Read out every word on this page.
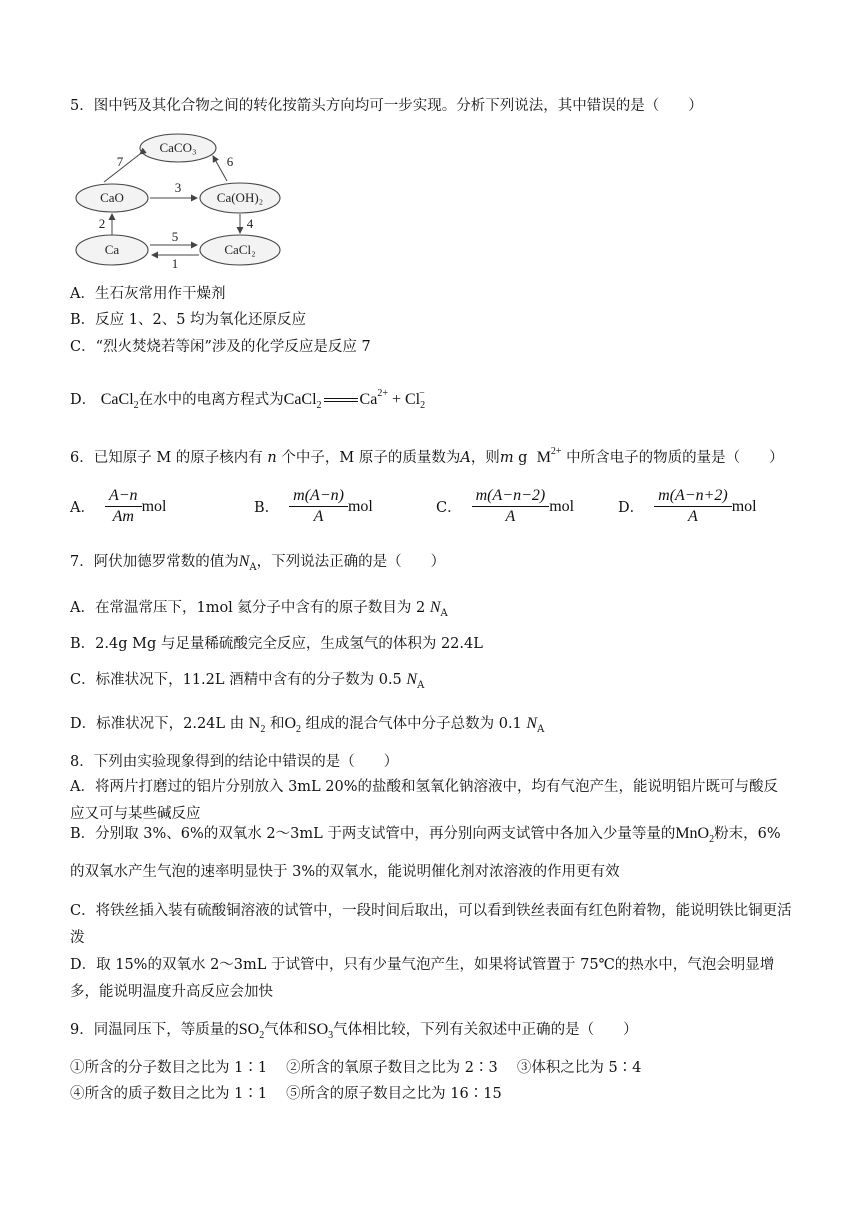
5．图中钙及其化合物之间的转化按箭头方向均可一步实现。分析下列说法，其中错误的是（　　）
CaCO₃
CaO	Ca(OH)₂
Ca	CaCl₂
7	6
3
2	4
5
1
A．生石灰常用作干燥剂
B．反应 1、2、5 均为氧化还原反应
C．“烈火焚烧若等闲”涉及的化学反应是反应 7
D． CaCl$_2$在水中的电离方程式为CaCl$_2$ $Ca^{2+} + Cl_2^-$
6．已知原子 M 的原子核内有 n 个中子，M 原子的质量数为A，则m g $M^{2+}$ 中所含电子的物质的量是（　　）
A． $\frac{A-n}{Am}$ mol	B． $\frac{m(A-n)}{A}$ mol	C． $\frac{m(A-n-2)}{A}$ mol	D． $\frac{m(A-n+2)}{A}$ mol
7．阿伏加德罗常数的值为$N_A$，下列说法正确的是（　　）
A．在常温常压下，1mol 氦分子中含有的原子数目为 2 $N_A$
B．2.4g Mg 与足量稀硫酸完全反应，生成氢气的体积为 22.4L
C．标准状况下，11.2L 酒精中含有的分子数为 0.5 $N_A$
D．标准状况下，2.24L 由 $N_2$ 和$O_2$ 组成的混合气体中分子总数为 0.1 $N_A$
8．下列由实验现象得到的结论中错误的是（　　）
A．将两片打磨过的铝片分别放入 3mL 20%的盐酸和氢氧化钠溶液中，均有气泡产生，能说明铝片既可与酸反应又可与某些碱反应
B．分别取 3%、6%的双氧水 2～3mL 于两支试管中，再分别向两支试管中各加入少量等量的MnO$_2$粉末，6%的双氧水产生气泡的速率明显快于 3%的双氧水，能说明催化剂对浓溶液的作用更有效
C．将铁丝插入装有硫酸铜溶液的试管中，一段时间后取出，可以看到铁丝表面有红色附着物，能说明铁比铜更活泼
D．取 15%的双氧水 2～3mL 于试管中，只有少量气泡产生，如果将试管置于 75℃的热水中，气泡会明显增多，能说明温度升高反应会加快
9．同温同压下，等质量的$SO_2$气体和$SO_3$气体相比较，下列有关叙述中正确的是（　　）
①所含的分子数目之比为 1∶1　 ②所含的氧原子数目之比为 2∶3　 ③体积之比为 5∶4
④所含的质子数目之比为 1∶1　 ⑤所含的原子数目之比为 16∶15
